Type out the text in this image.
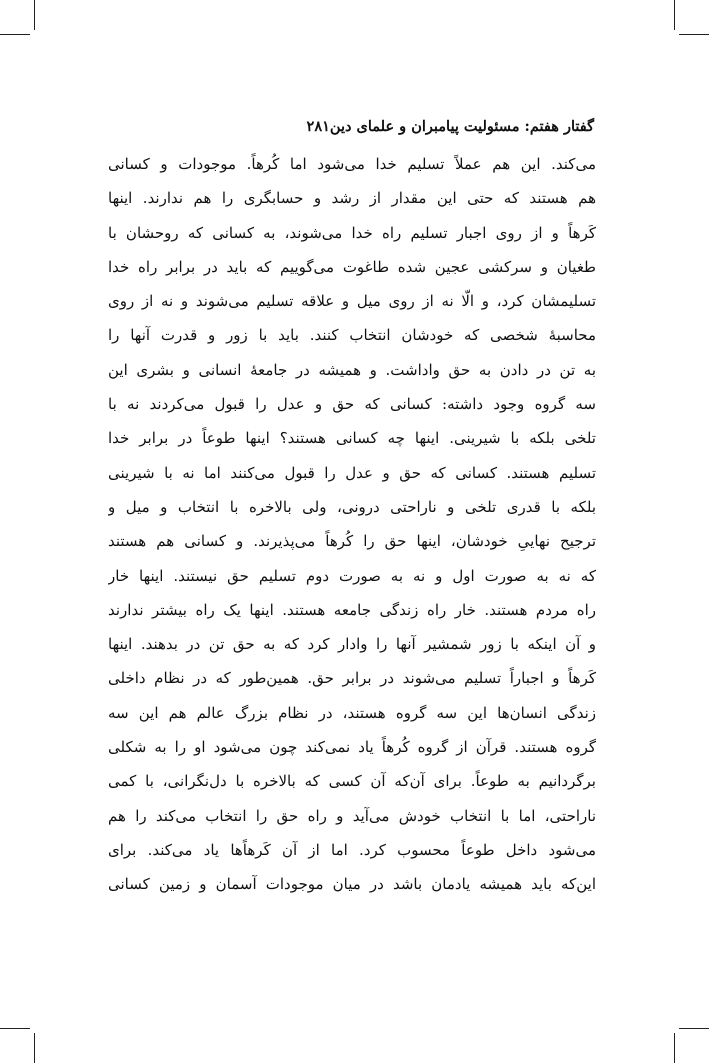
گفتار هفتم: مسئولیت پیامبران و علمای دین
۲۸۱
می‌کند. این هم عملاً تسلیم خدا می‌شود اما کُرهاً. موجودات و کسانی
هم هستند که حتی این مقدار از رشد و حسابگری را هم ندارند. اینها
کَرهاً و از روی اجبار تسلیم راه خدا می‌شوند، به کسانی که روحشان با
طغیان و سرکشی عجین شده طاغوت می‌گوییم که باید در برابر راه خدا
تسلیمشان کرد، و الّا نه از روی میل و علاقه تسلیم می‌شوند و نه از روی
محاسبهٔ شخصی که خودشان انتخاب کنند. باید با زور و قدرت آنها را
به تن در دادن به حق واداشت. و همیشه در جامعهٔ انسانی و بشری این
سه گروه وجود داشته: کسانی که حق و عدل را قبول می‌کردند نه با
تلخی بلکه با شیرینی. اینها چه کسانی هستند؟ اینها طوعاً در برابر خدا
تسلیم هستند. کسانی که حق و عدل را قبول می‌کنند اما نه با شیرینی
بلکه با قدری تلخی و ناراحتی درونی، ولی بالاخره با انتخاب و میل و
ترجیح نهاییِ خودشان، اینها حق را کُرهاً می‌پذیرند. و کسانی هم هستند
که نه به صورت اول و نه به صورت دوم تسلیم حق نیستند. اینها خار
راه مردم هستند. خار راه زندگی جامعه هستند. اینها یک راه بیشتر ندارند
و آن اینکه با زور شمشیر آنها را وادار کرد که به حق تن در بدهند. اینها
کَرهاً و اجباراً تسلیم می‌شوند در برابر حق. همین‌طور که در نظام داخلی
زندگی انسان‌ها این سه گروه هستند، در نظام بزرگ عالم هم این سه
گروه هستند. قرآن از گروه کُرهاً یاد نمی‌کند چون می‌شود او را به شکلی
برگردانیم به طوعاً. برای آن‌که آن کسی که بالاخره با دل‌نگرانی، با کمی
ناراحتی، اما با انتخاب خودش می‌آید و راه حق را انتخاب می‌کند را هم
می‌شود داخل طوعاً محسوب کرد. اما از آن کَرهاً‌ها یاد می‌کند. برای
این‌که باید همیشه یادمان باشد در میان موجودات آسمان و زمین کسانی
